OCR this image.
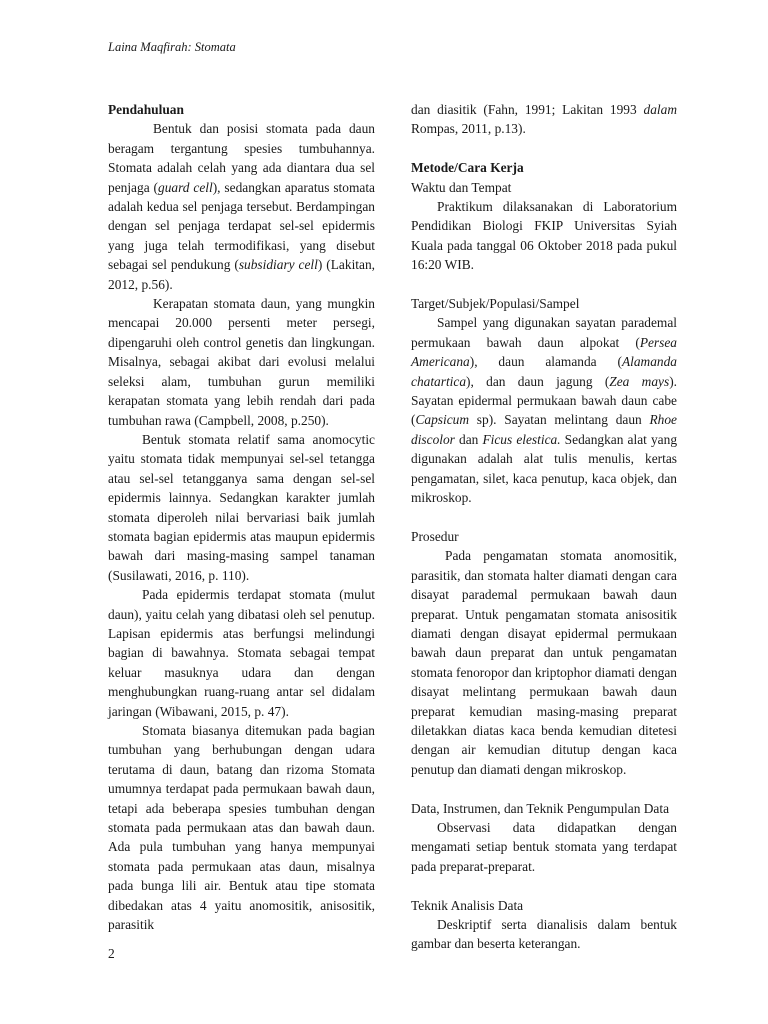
Laina Maqfirah: Stomata

Pendahuluan

Bentuk dan posisi stomata pada daun beragam tergantung spesies tumbuhannya. Stomata adalah celah yang ada diantara dua sel penjaga (guard cell), sedangkan aparatus stomata adalah kedua sel penjaga tersebut. Berdampingan dengan sel penjaga terdapat sel-sel epidermis yang juga telah termodifikasi, yang disebut sebagai sel pendukung (subsidiary cell) (Lakitan, 2012, p.56).

Kerapatan stomata daun, yang mungkin mencapai 20.000 persenti meter persegi, dipengaruhi oleh control genetis dan lingkungan. Misalnya, sebagai akibat dari evolusi melalui seleksi alam, tumbuhan gurun memiliki kerapatan stomata yang lebih rendah dari pada tumbuhan rawa (Campbell, 2008, p.250).

Bentuk stomata relatif sama anomocytic yaitu stomata tidak mempunyai sel-sel tetangga atau sel-sel tetangganya sama dengan sel-sel epidermis lainnya. Sedangkan karakter jumlah stomata diperoleh nilai bervariasi baik jumlah stomata bagian epidermis atas maupun epidermis bawah dari masing-masing sampel tanaman (Susilawati, 2016, p. 110).

Pada epidermis terdapat stomata (mulut daun), yaitu celah yang dibatasi oleh sel penutup. Lapisan epidermis atas berfungsi melindungi bagian di bawahnya. Stomata sebagai tempat keluar masuknya udara dan dengan menghubungkan ruang-ruang antar sel didalam jaringan (Wibawani, 2015, p. 47).

Stomata biasanya ditemukan pada bagian tumbuhan yang berhubungan dengan udara terutama di daun, batang dan rizoma Stomata umumnya terdapat pada permukaan bawah daun, tetapi ada beberapa spesies tumbuhan dengan stomata pada permukaan atas dan bawah daun. Ada pula tumbuhan yang hanya mempunyai stomata pada permukaan atas daun, misalnya pada bunga lili air. Bentuk atau tipe stomata dibedakan atas 4 yaitu anomositik, anisositik, parasitik

dan diasitik (Fahn, 1991; Lakitan 1993 dalam Rompas, 2011, p.13).

Metode/Cara Kerja

Waktu dan Tempat

Praktikum dilaksanakan di Laboratorium Pendidikan Biologi FKIP Universitas Syiah Kuala pada tanggal 06 Oktober 2018 pada pukul 16:20 WIB.

Target/Subjek/Populasi/Sampel

Sampel yang digunakan sayatan parademal permukaan bawah daun alpokat (Persea Americana), daun alamanda (Alamanda chatartica), dan daun jagung (Zea mays). Sayatan epidermal permukaan bawah daun cabe (Capsicum sp). Sayatan melintang daun Rhoe discolor dan Ficus elestica. Sedangkan alat yang digunakan adalah alat tulis menulis, kertas pengamatan, silet, kaca penutup, kaca objek, dan mikroskop.

Prosedur

Pada pengamatan stomata anomositik, parasitik, dan stomata halter diamati dengan cara disayat parademal permukaan bawah daun preparat. Untuk pengamatan stomata anisositik diamati dengan disayat epidermal permukaan bawah daun preparat dan untuk pengamatan stomata fenoropor dan kriptophor diamati dengan disayat melintang permukaan bawah daun preparat kemudian masing-masing preparat diletakkan diatas kaca benda kemudian ditetesi dengan air kemudian ditutup dengan kaca penutup dan diamati dengan mikroskop.

Data, Instrumen, dan Teknik Pengumpulan Data

Observasi data didapatkan dengan mengamati setiap bentuk stomata yang terdapat pada preparat-preparat.

Teknik Analisis Data

Deskriptif serta dianalisis dalam bentuk gambar dan beserta keterangan.

2
